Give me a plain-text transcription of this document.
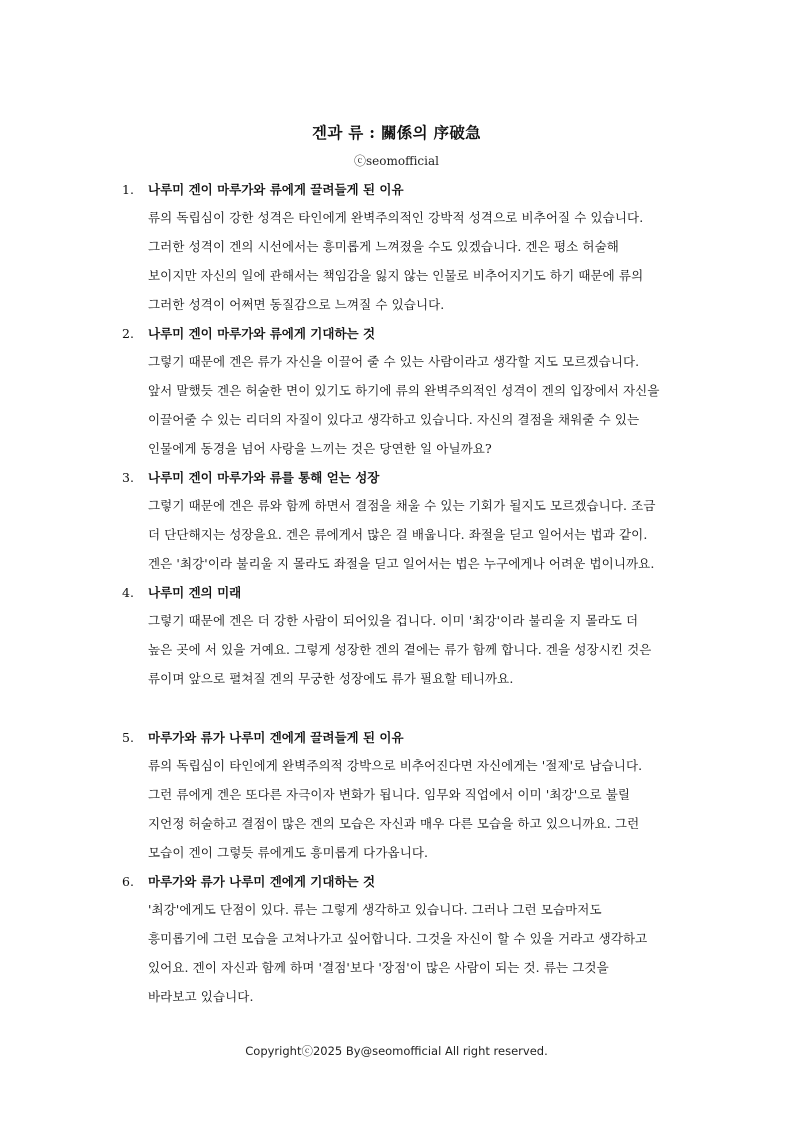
겐과 류 : 關係의 序破急
ⓒseomofficial
1. 나루미 겐이 마루가와 류에게 끌려들게 된 이유
류의 독립심이 강한 성격은 타인에게 완벽주의적인 강박적 성격으로 비추어질 수 있습니다.
그러한 성격이 겐의 시선에서는 흥미롭게 느껴졌을 수도 있겠습니다. 겐은 평소 허술해
보이지만 자신의 일에 관해서는 책임감을 잃지 않는 인물로 비추어지기도 하기 때문에 류의
그러한 성격이 어쩌면 동질감으로 느껴질 수 있습니다.
2. 나루미 겐이 마루가와 류에게 기대하는 것
그렇기 때문에 겐은 류가 자신을 이끌어 줄 수 있는 사람이라고 생각할 지도 모르겠습니다.
앞서 말했듯 겐은 허술한 면이 있기도 하기에 류의 완벽주의적인 성격이 겐의 입장에서 자신을
이끌어줄 수 있는 리더의 자질이 있다고 생각하고 있습니다. 자신의 결점을 채워줄 수 있는
인물에게 동경을 넘어 사랑을 느끼는 것은 당연한 일 아닐까요?
3. 나루미 겐이 마루가와 류를 통해 얻는 성장
그렇기 때문에 겐은 류와 함께 하면서 결점을 채울 수 있는 기회가 될지도 모르겠습니다. 조금
더 단단해지는 성장을요. 겐은 류에게서 많은 걸 배웁니다. 좌절을 딛고 일어서는 법과 같이.
겐은 '최강'이라 불리울 지 몰라도 좌절을 딛고 일어서는 법은 누구에게나 어려운 법이니까요.
4. 나루미 겐의 미래
그렇기 때문에 겐은 더 강한 사람이 되어있을 겁니다. 이미 '최강'이라 불리울 지 몰라도 더
높은 곳에 서 있을 거예요. 그렇게 성장한 겐의 곁에는 류가 함께 합니다. 겐을 성장시킨 것은
류이며 앞으로 펼쳐질 겐의 무궁한 성장에도 류가 필요할 테니까요.
5. 마루가와 류가 나루미 겐에게 끌려들게 된 이유
류의 독립심이 타인에게 완벽주의적 강박으로 비추어진다면 자신에게는 '절제'로 남습니다.
그런 류에게 겐은 또다른 자극이자 변화가 됩니다. 임무와 직업에서 이미 '최강'으로 불릴
지언정 허술하고 결점이 많은 겐의 모습은 자신과 매우 다른 모습을 하고 있으니까요. 그런
모습이 겐이 그렇듯 류에게도 흥미롭게 다가옵니다.
6. 마루가와 류가 나루미 겐에게 기대하는 것
'최강'에게도 단점이 있다. 류는 그렇게 생각하고 있습니다. 그러나 그런 모습마저도
흥미롭기에 그런 모습을 고쳐나가고 싶어합니다. 그것을 자신이 할 수 있을 거라고 생각하고
있어요. 겐이 자신과 함께 하며 '결점'보다 '장점'이 많은 사람이 되는 것. 류는 그것을
바라보고 있습니다.
Copyrightⓒ2025 By@seomofficial All right reserved.
